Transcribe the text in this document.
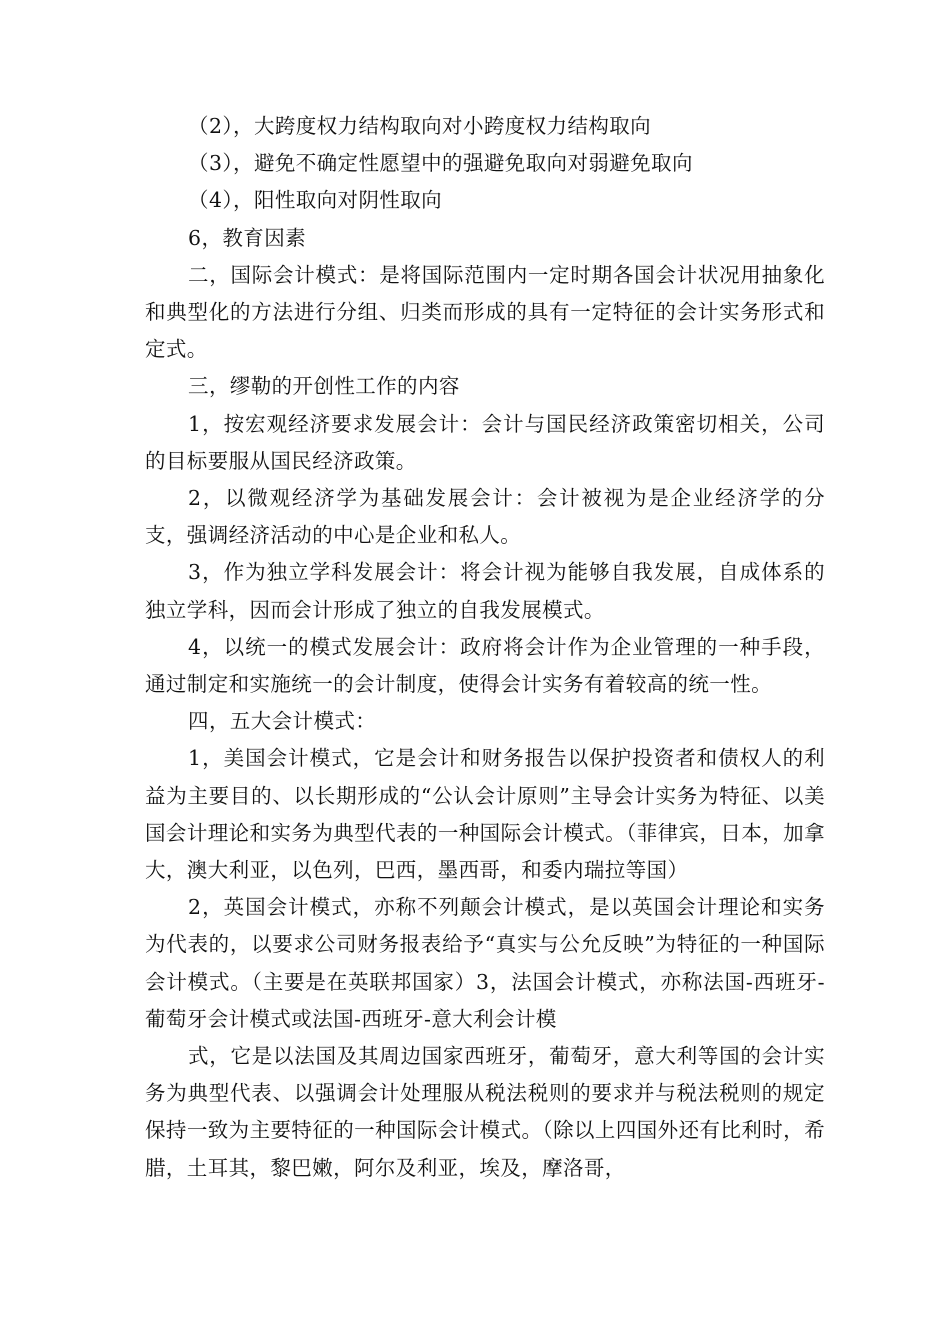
（2），大跨度权力结构取向对小跨度权力结构取向

（3），避免不确定性愿望中的强避免取向对弱避免取向

（4），阳性取向对阴性取向

6，教育因素

二，国际会计模式：是将国际范围内一定时期各国会计状况用抽象化和典型化的方法进行分组、归类而形成的具有一定特征的会计实务形式和定式。

三，缪勒的开创性工作的内容

1，按宏观经济要求发展会计：会计与国民经济政策密切相关，公司的目标要服从国民经济政策。

2，以微观经济学为基础发展会计：会计被视为是企业经济学的分支，强调经济活动的中心是企业和私人。

3，作为独立学科发展会计：将会计视为能够自我发展，自成体系的独立学科，因而会计形成了独立的自我发展模式。

4，以统一的模式发展会计：政府将会计作为企业管理的一种手段，通过制定和实施统一的会计制度，使得会计实务有着较高的统一性。

四，五大会计模式：

1，美国会计模式，它是会计和财务报告以保护投资者和债权人的利益为主要目的、以长期形成的“公认会计原则”主导会计实务为特征、以美国会计理论和实务为典型代表的一种国际会计模式。（菲律宾，日本，加拿大，澳大利亚，以色列，巴西，墨西哥，和委内瑞拉等国）

2，英国会计模式，亦称不列颠会计模式，是以英国会计理论和实务为代表的，以要求公司财务报表给予“真实与公允反映”为特征的一种国际会计模式。（主要是在英联邦国家）3，法国会计模式，亦称法国-西班牙-葡萄牙会计模式或法国-西班牙-意大利会计模

式，它是以法国及其周边国家西班牙，葡萄牙，意大利等国的会计实务为典型代表、以强调会计处理服从税法税则的要求并与税法税则的规定保持一致为主要特征的一种国际会计模式。（除以上四国外还有比利时，希腊，土耳其，黎巴嫩，阿尔及利亚，埃及，摩洛哥，
